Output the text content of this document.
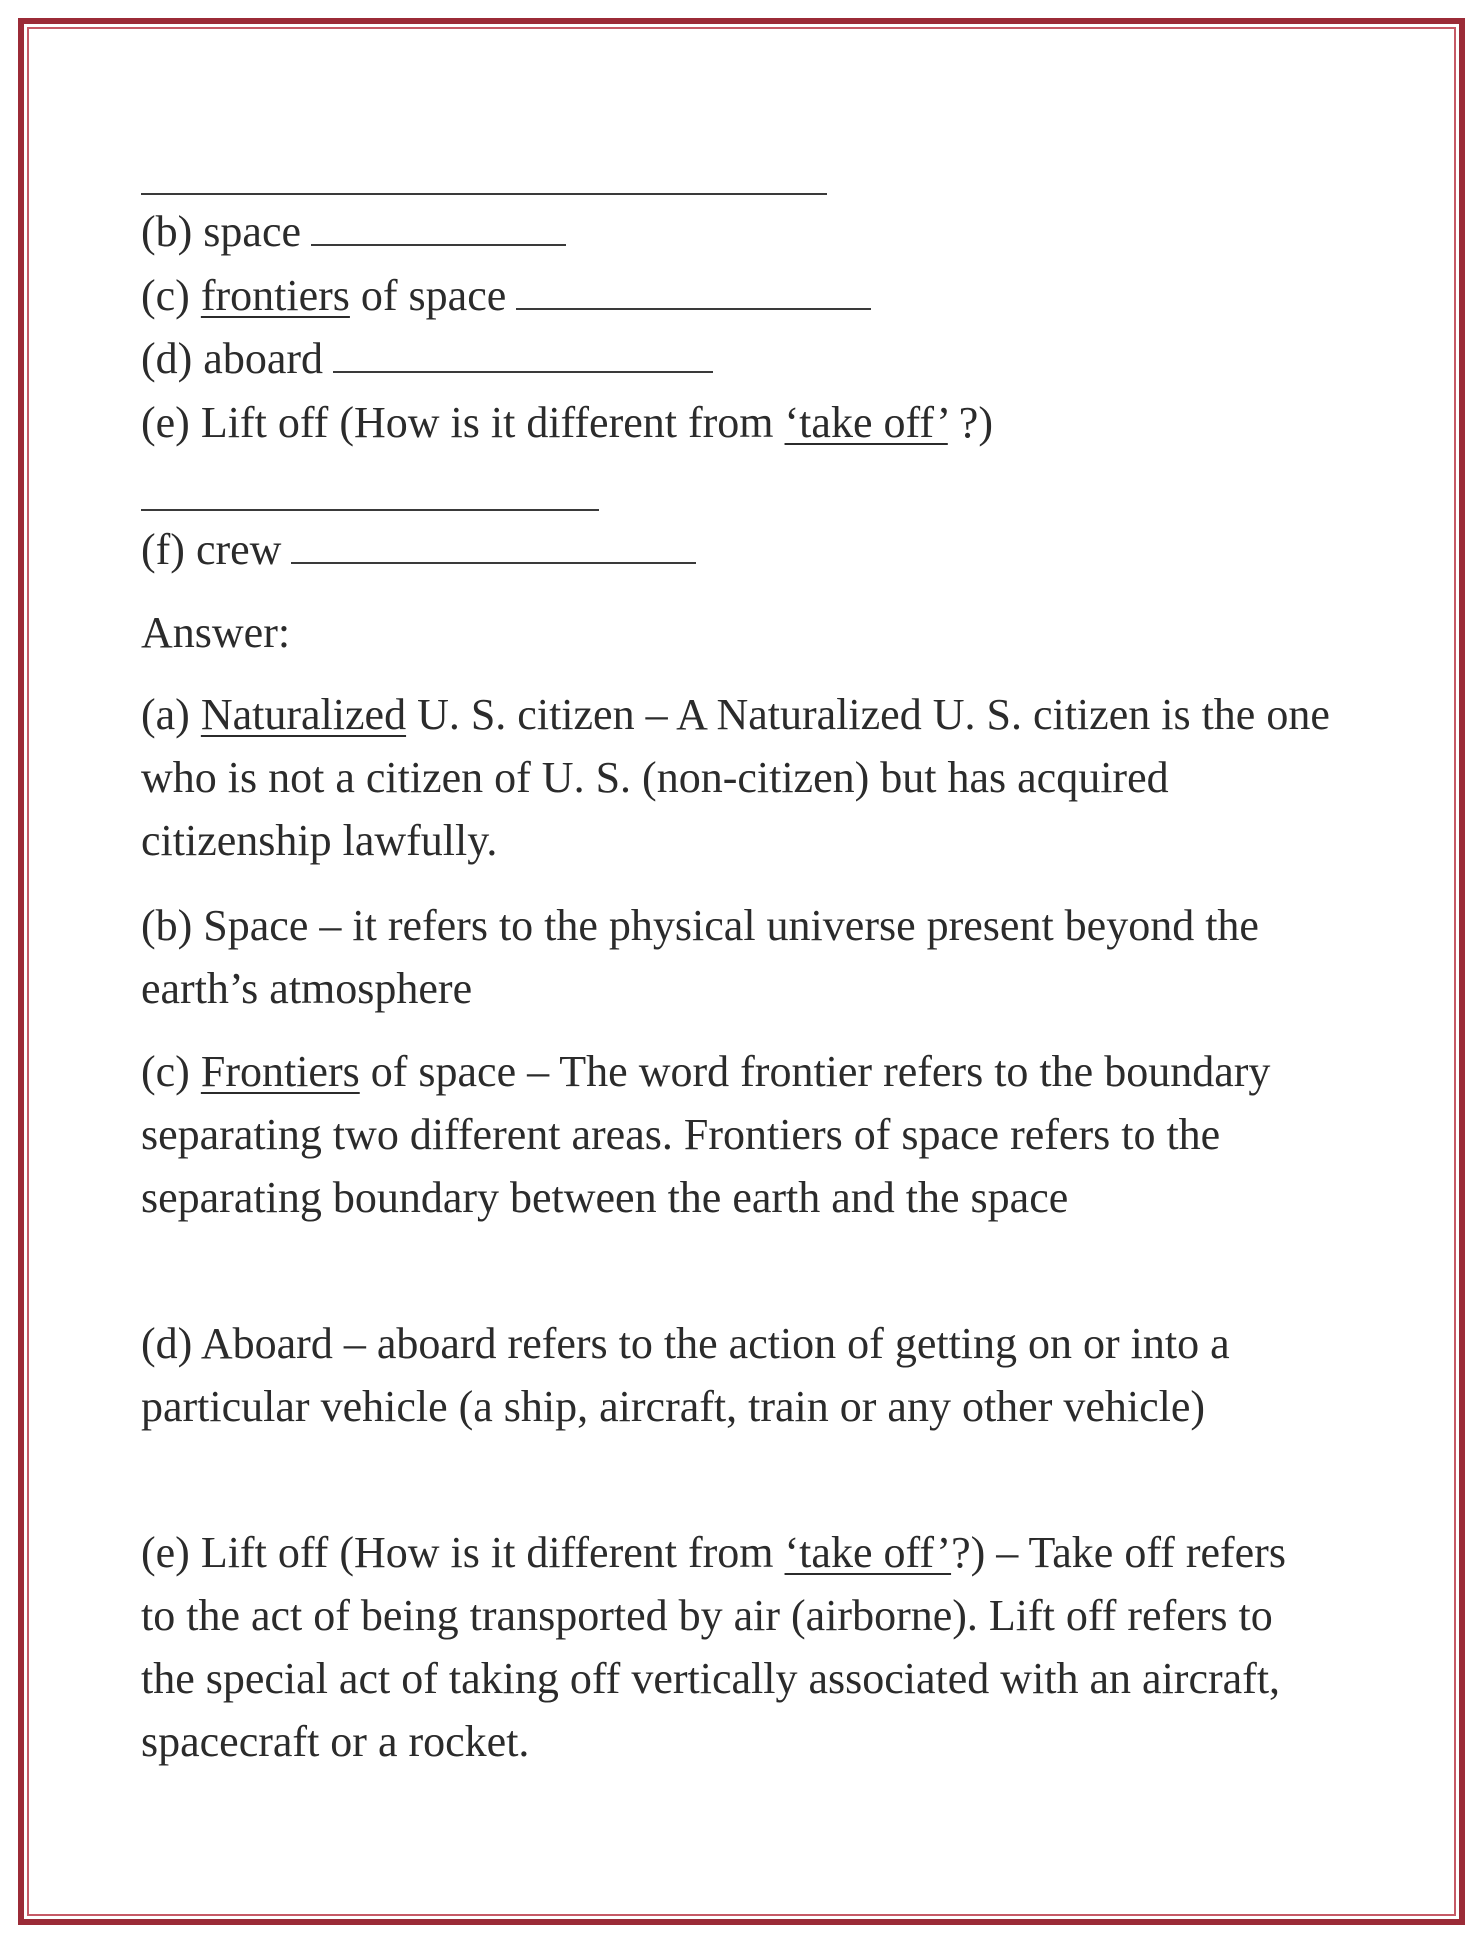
(b) space
(c) frontiers of space
(d) aboard
(e) Lift off (How is it different from ‘take off’ ?)
(f) crew
Answer:
(a) Naturalized U. S. citizen – A Naturalized U. S. citizen is the one who is not a citizen of U. S. (non-citizen) but has acquired citizenship lawfully.
(b) Space – it refers to the physical universe present beyond the earth’s atmosphere
(c) Frontiers of space – The word frontier refers to the boundary separating two different areas. Frontiers of space refers to the separating boundary between the earth and the space
(d) Aboard – aboard refers to the action of getting on or into a particular vehicle (a ship, aircraft, train or any other vehicle)
(e) Lift off (How is it different from ‘take off’?) – Take off refers to the act of being transported by air (airborne). Lift off refers to the special act of taking off vertically associated with an aircraft, spacecraft or a rocket.
